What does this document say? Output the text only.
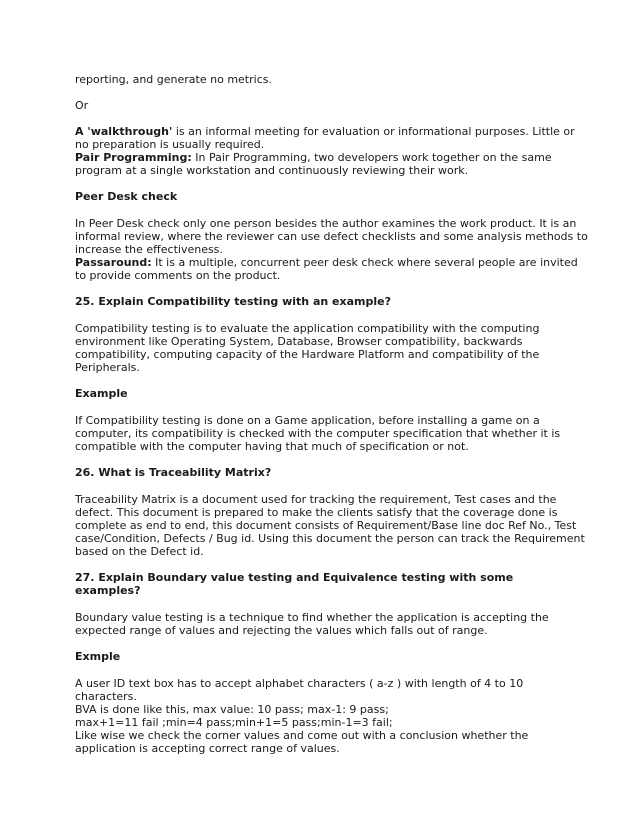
reporting, and generate no metrics.

Or

A 'walkthrough' is an informal meeting for evaluation or informational purposes. Little or
no preparation is usually required.
Pair Programming: In Pair Programming, two developers work together on the same
program at a single workstation and continuously reviewing their work.

Peer Desk check

In Peer Desk check only one person besides the author examines the work product. It is an
informal review, where the reviewer can use defect checklists and some analysis methods to
increase the effectiveness.
Passaround: It is a multiple, concurrent peer desk check where several people are invited
to provide comments on the product.

25. Explain Compatibility testing with an example?

Compatibility testing is to evaluate the application compatibility with the computing
environment like Operating System, Database, Browser compatibility, backwards
compatibility, computing capacity of the Hardware Platform and compatibility of the
Peripherals.

Example

If Compatibility testing is done on a Game application, before installing a game on a
computer, its compatibility is checked with the computer specification that whether it is
compatible with the computer having that much of specification or not.

26. What is Traceability Matrix?

Traceability Matrix is a document used for tracking the requirement, Test cases and the
defect. This document is prepared to make the clients satisfy that the coverage done is
complete as end to end, this document consists of Requirement/Base line doc Ref No., Test
case/Condition, Defects / Bug id. Using this document the person can track the Requirement
based on the Defect id.

27. Explain Boundary value testing and Equivalence testing with some examples?

Boundary value testing is a technique to find whether the application is accepting the
expected range of values and rejecting the values which falls out of range.

Exmple

A user ID text box has to accept alphabet characters ( a-z ) with length of 4 to 10
characters.
BVA is done like this, max value: 10 pass; max-1: 9 pass;
max+1=11 fail ;min=4 pass;min+1=5 pass;min-1=3 fail;
Like wise we check the corner values and come out with a conclusion whether the
application is accepting correct range of values.
